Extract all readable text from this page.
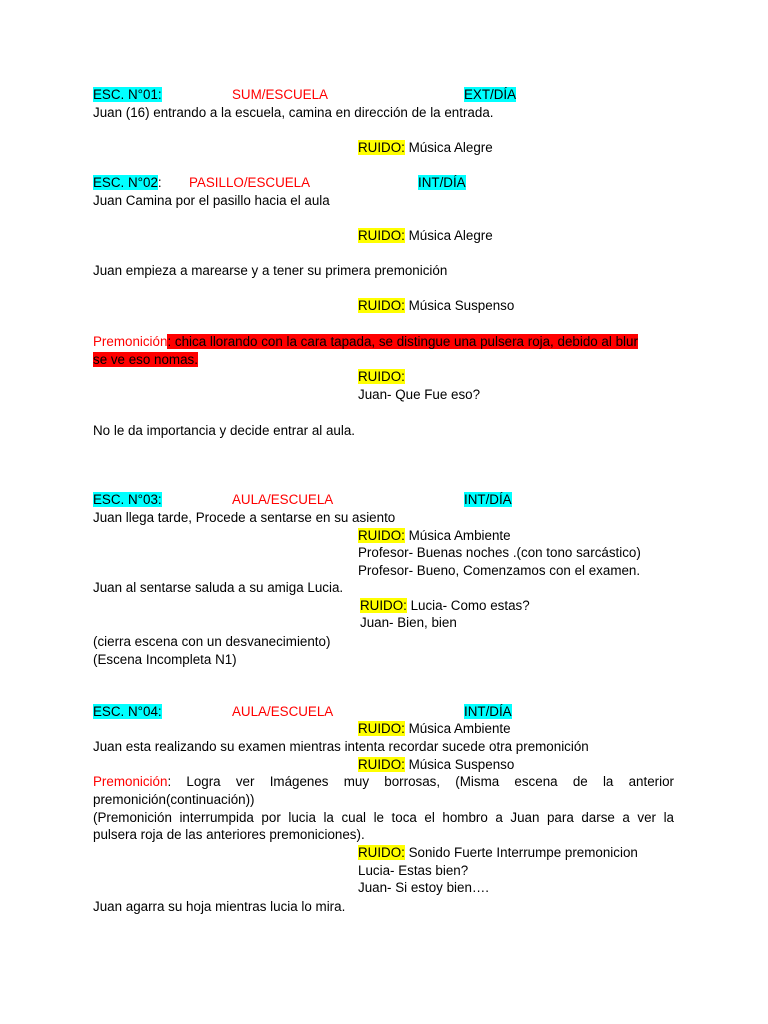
ESC. N°01:	SUM/ESCUELA	EXT/DÍA
Juan (16) entrando a la escuela, camina en dirección de la entrada.
RUIDO: Música Alegre
ESC. N°02: PASILLO/ESCUELA	INT/DÍA
Juan Camina por el pasillo hacia el aula
RUIDO: Música Alegre
Juan empieza a marearse y a tener su primera premonición
RUIDO: Música Suspenso
Premonición: chica llorando con la cara tapada, se distingue una pulsera roja, debido al blur
se ve eso nomas.
RUIDO:
Juan- Que Fue eso?
No le da importancia y decide entrar al aula.
ESC. N°03:	AULA/ESCUELA	INT/DÍA
Juan llega tarde, Procede a sentarse en su asiento
RUIDO: Música Ambiente
Profesor- Buenas noches .(con tono sarcástico)
Profesor- Bueno, Comenzamos con el examen.
Juan al sentarse saluda a su amiga Lucia.
RUIDO: Lucia- Como estas?
Juan- Bien, bien
(cierra escena con un desvanecimiento)
(Escena Incompleta N1)
ESC. N°04:	AULA/ESCUELA	INT/DÍA
RUIDO: Música Ambiente
Juan esta realizando su examen mientras intenta recordar sucede otra premonición
RUIDO: Música Suspenso
Premonición: Logra ver Imágenes muy borrosas, (Misma escena de la anterior
premonición(continuación))
(Premonición interrumpida por lucia la cual le toca el hombro a Juan para darse a ver la
pulsera roja de las anteriores premoniciones).
RUIDO: Sonido Fuerte Interrumpe premonicion
Lucia- Estas bien?
Juan- Si estoy bien….
Juan agarra su hoja mientras lucia lo mira.
